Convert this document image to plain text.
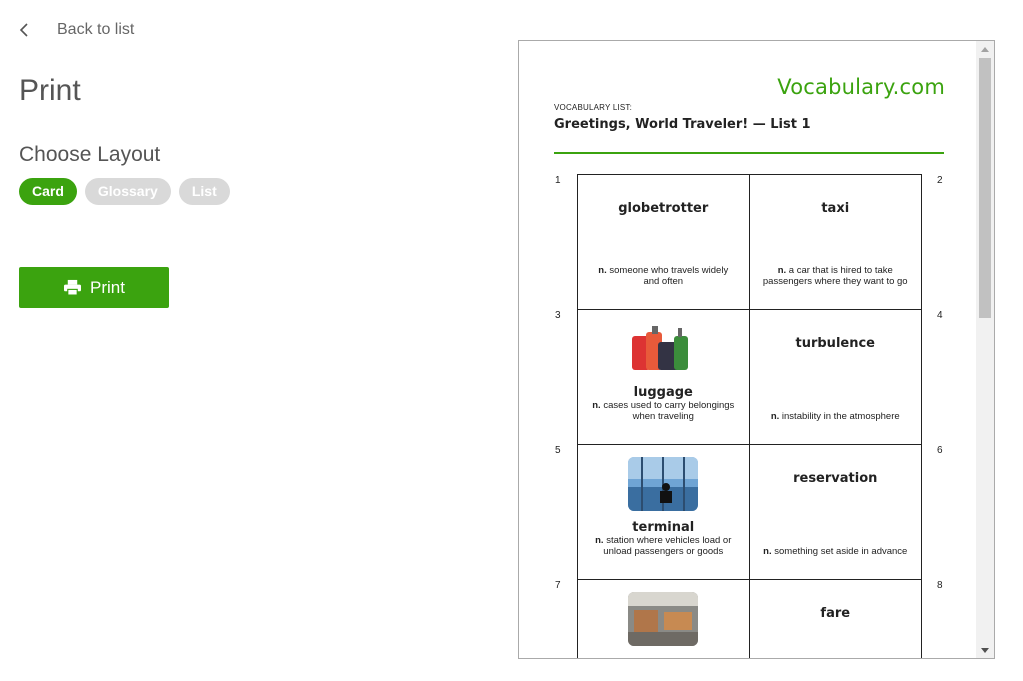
Back to list
Print
Choose Layout
Card	Glossary	List
Print
Vocabulary.com
VOCABULARY LIST:
Greetings, World Traveler! — List 1
1	2
3	4
5	6
7	8
globetrotter
n. someone who travels widely and often
taxi
n. a car that is hired to take passengers where they want to go
luggage
n. cases used to carry belongings when traveling
turbulence
n. instability in the atmosphere
terminal
n. station where vehicles load or unload passengers or goods
reservation
n. something set aside in advance
fare
